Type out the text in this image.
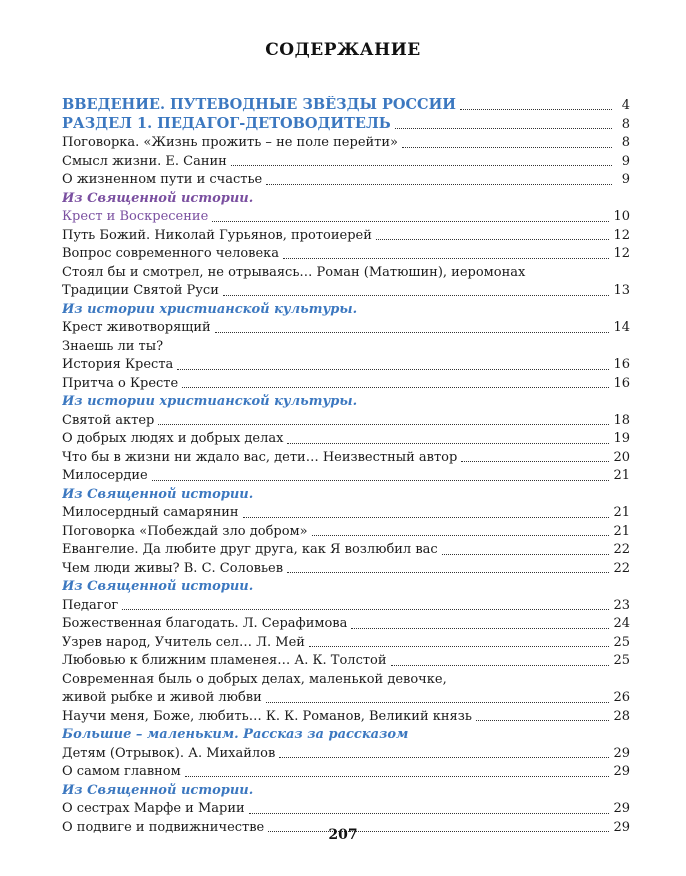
СОДЕРЖАНИЕ
ВВЕДЕНИЕ. ПУТЕВОДНЫЕ ЗВЁЗДЫ РОССИИ	4
РАЗДЕЛ 1. ПЕДАГОГ-ДЕТОВОДИТЕЛЬ	8
Поговорка. «Жизнь прожить – не поле перейти»	8
Смысл жизни. Е. Санин	9
О жизненном пути и счастье	9
Из Священной истории.
Крест и Воскресение	10
Путь Божий. Николай Гурьянов, протоиерей	12
Вопрос современного человека	12
Стоял бы и смотрел, не отрываясь… Роман (Матюшин), иеромонах
Традиции Святой Руси	13
Из истории христианской культуры.
Крест животворящий	14
Знаешь ли ты?
История Креста	16
Притча о Кресте	16
Из истории христианской культуры.
Святой актер	18
О добрых людях и добрых делах	19
Что бы в жизни ни ждало вас, дети… Неизвестный автор	20
Милосердие	21
Из Священной истории.
Милосердный самарянин	21
Поговорка «Побеждай зло добром»	21
Евангелие. Да любите друг друга, как Я возлюбил вас	22
Чем люди живы? В. С. Соловьев	22
Из Священной истории.
Педагог	23
Божественная благодать. Л. Серафимова	24
Узрев народ, Учитель сел… Л. Мей	25
Любовью к ближним пламенея… А. К. Толстой	25
Современная быль о добрых делах, маленькой девочке,
живой рыбке и живой любви	26
Научи меня, Боже, любить… К. К. Романов, Великий князь	28
Большие – маленьким. Рассказ за рассказом
Детям (Отрывок). А. Михайлов	29
О самом главном	29
Из Священной истории.
О сестрах Марфе и Марии	29
О подвиге и подвижничестве	29
207
